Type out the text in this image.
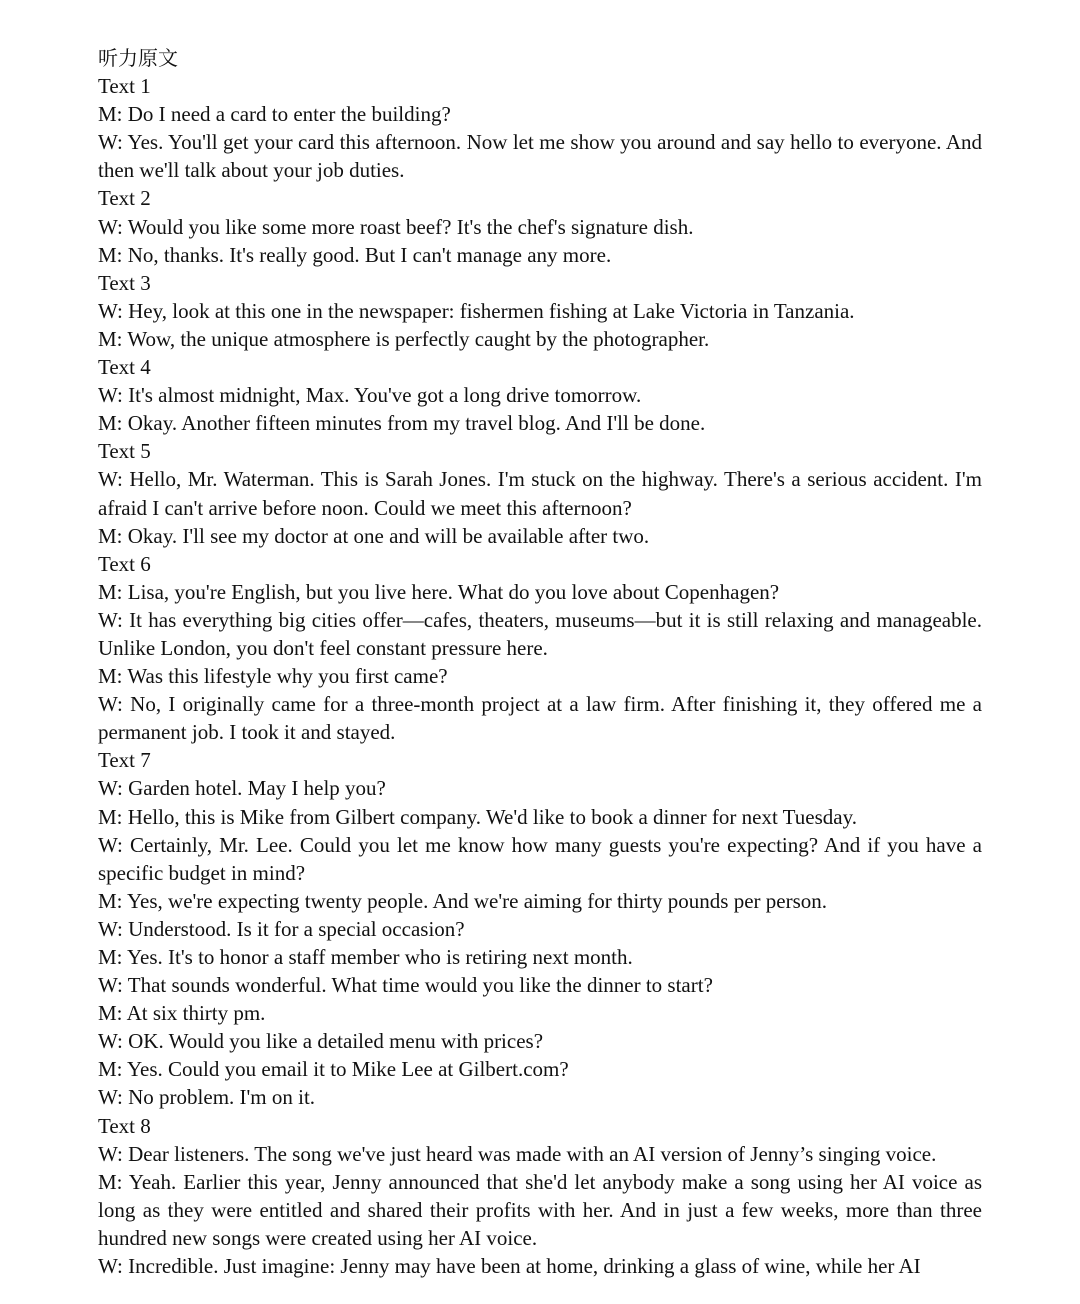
听力原文
Text 1
M: Do I need a card to enter the building?
W: Yes. You'll get your card this afternoon. Now let me show you around and say hello to everyone. And then we'll talk about your job duties.
Text 2
W: Would you like some more roast beef? It's the chef's signature dish.
M: No, thanks. It's really good. But I can't manage any more.
Text 3
W: Hey, look at this one in the newspaper: fishermen fishing at Lake Victoria in Tanzania.
M: Wow, the unique atmosphere is perfectly caught by the photographer.
Text 4
W: It's almost midnight, Max. You've got a long drive tomorrow.
M: Okay. Another fifteen minutes from my travel blog. And I'll be done.
Text 5
W: Hello, Mr. Waterman. This is Sarah Jones. I'm stuck on the highway. There's a serious accident. I'm afraid I can't arrive before noon. Could we meet this afternoon?
M: Okay. I'll see my doctor at one and will be available after two.
Text 6
M: Lisa, you're English, but you live here. What do you love about Copenhagen?
W: It has everything big cities offer—cafes, theaters, museums—but it is still relaxing and manageable. Unlike London, you don't feel constant pressure here.
M: Was this lifestyle why you first came?
W: No, I originally came for a three-month project at a law firm. After finishing it, they offered me a permanent job. I took it and stayed.
Text 7
W: Garden hotel. May I help you?
M: Hello, this is Mike from Gilbert company. We'd like to book a dinner for next Tuesday.
W: Certainly, Mr. Lee. Could you let me know how many guests you're expecting? And if you have a specific budget in mind?
M: Yes, we're expecting twenty people. And we're aiming for thirty pounds per person.
W: Understood. Is it for a special occasion?
M: Yes. It's to honor a staff member who is retiring next month.
W: That sounds wonderful. What time would you like the dinner to start?
M: At six thirty pm.
W: OK. Would you like a detailed menu with prices?
M: Yes. Could you email it to Mike Lee at Gilbert.com?
W: No problem. I'm on it.
Text 8
W: Dear listeners. The song we've just heard was made with an AI version of Jenny’s singing voice.
M: Yeah. Earlier this year, Jenny announced that she'd let anybody make a song using her AI voice as long as they were entitled and shared their profits with her. And in just a few weeks, more than three hundred new songs were created using her AI voice.
W: Incredible. Just imagine: Jenny may have been at home, drinking a glass of wine, while her AI
